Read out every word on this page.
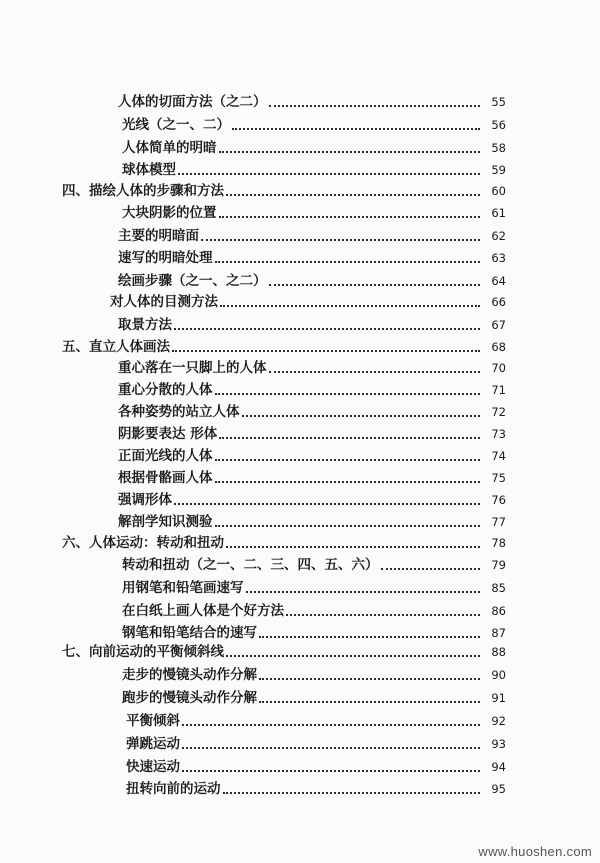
人体的切面方法（之二）	55
光线（之一、二）	56
人体简单的明暗	58
球体模型	59
四、描绘人体的步骤和方法	60
大块阴影的位置	61
主要的明暗面	62
速写的明暗处理	63
绘画步骤（之一、之二）	64
对人体的目测方法	66
取景方法	67
五、直立人体画法	68
重心落在一只脚上的人体	70
重心分散的人体	71
各种姿势的站立人体	72
阴影要表达 形体	73
正面光线的人体	74
根据骨骼画人体	75
强调形体	76
解剖学知识测验	77
六、人体运动：转动和扭动	78
转动和扭动（之一、二、三、四、五、六）	79
用钢笔和铅笔画速写	85
在白纸上画人体是个好方法	86
钢笔和铅笔结合的速写	87
七、向前运动的平衡倾斜线	88
走步的慢镜头动作分解	90
跑步的慢镜头动作分解	91
平衡倾斜	92
弹跳运动	93
快速运动	94
扭转向前的运动	95
www.huoshen.com
